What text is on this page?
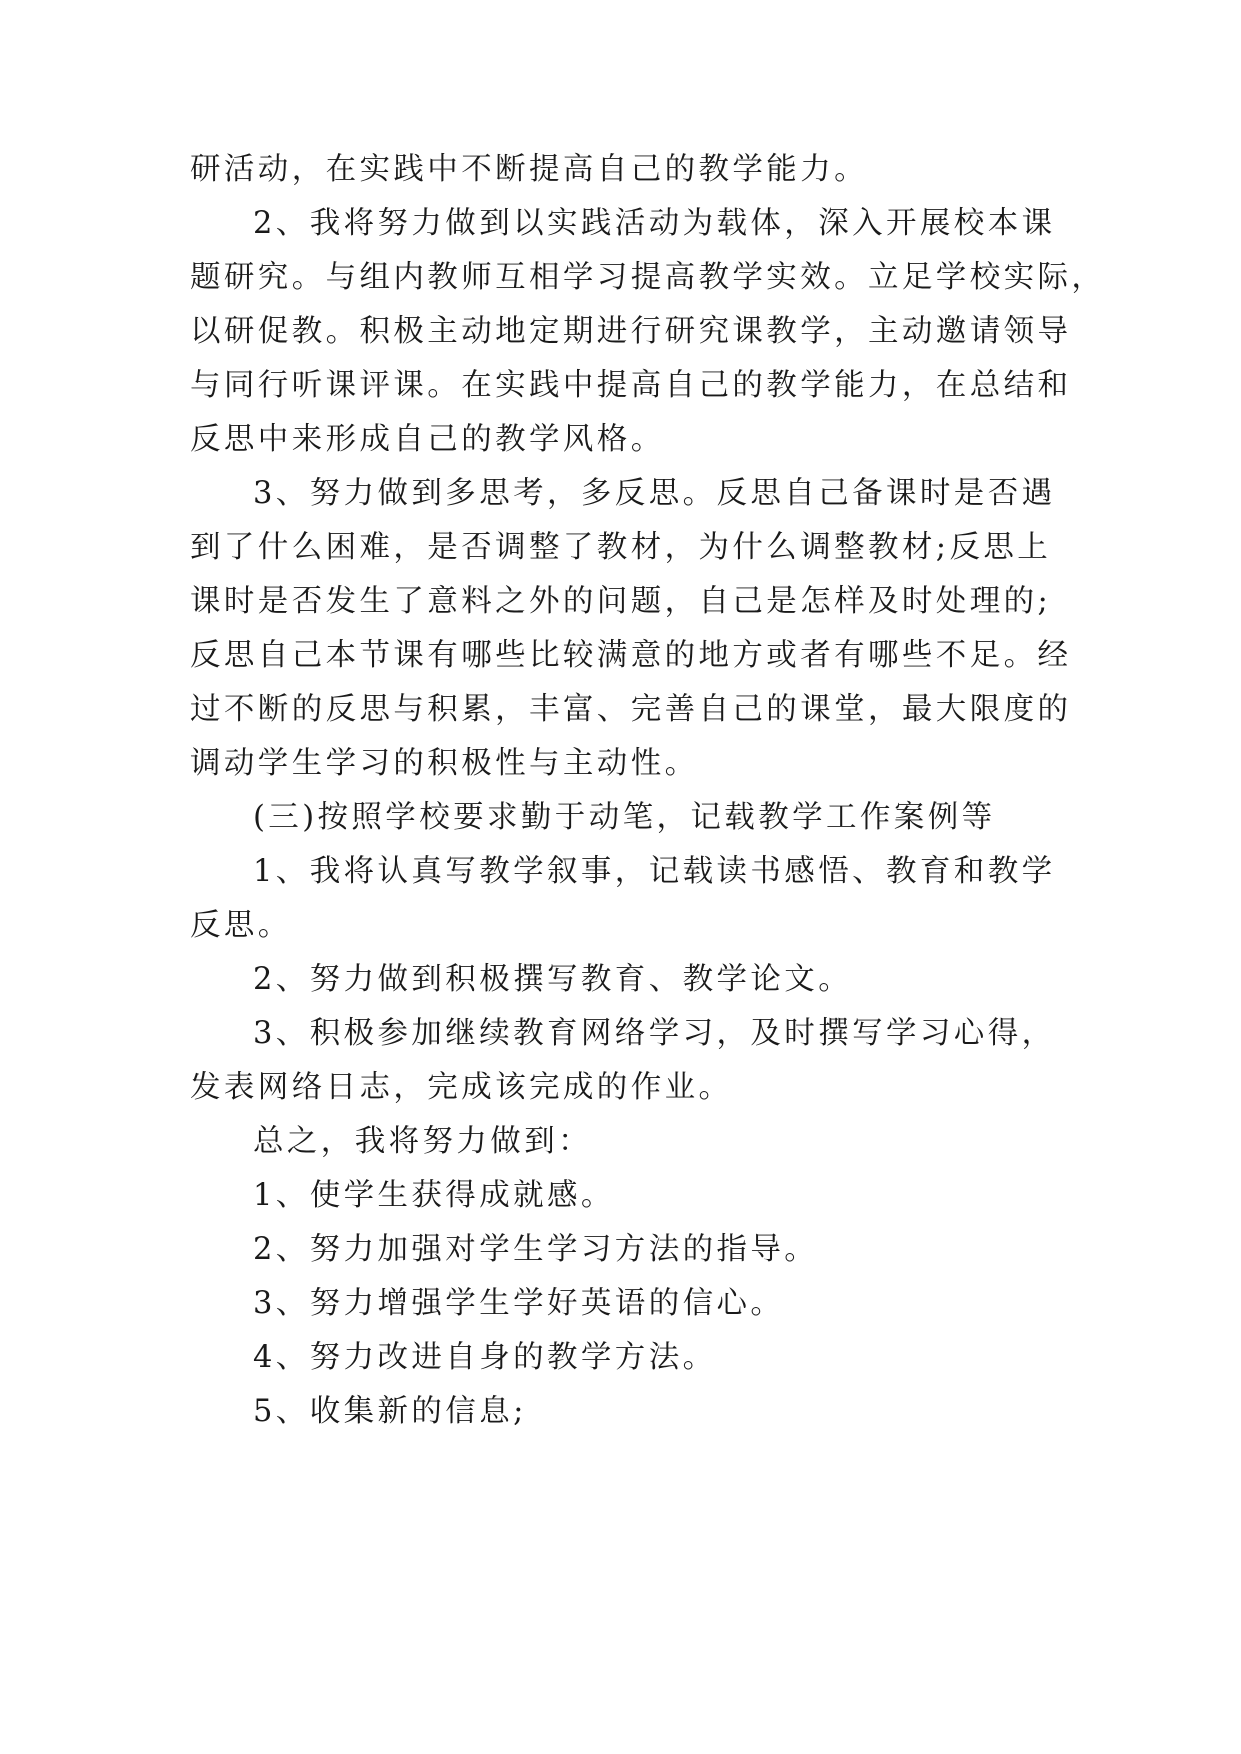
研活动，在实践中不断提高自己的教学能力。
2、我将努力做到以实践活动为载体，深入开展校本课
题研究。与组内教师互相学习提高教学实效。立足学校实际，
以研促教。积极主动地定期进行研究课教学，主动邀请领导
与同行听课评课。在实践中提高自己的教学能力，在总结和
反思中来形成自己的教学风格。
3、努力做到多思考，多反思。反思自己备课时是否遇
到了什么困难，是否调整了教材，为什么调整教材;反思上
课时是否发生了意料之外的问题，自己是怎样及时处理的;
反思自己本节课有哪些比较满意的地方或者有哪些不足。经
过不断的反思与积累，丰富、完善自己的课堂，最大限度的
调动学生学习的积极性与主动性。
(三)按照学校要求勤于动笔，记载教学工作案例等
1、我将认真写教学叙事，记载读书感悟、教育和教学
反思。
2、努力做到积极撰写教育、教学论文。
3、积极参加继续教育网络学习，及时撰写学习心得，
发表网络日志，完成该完成的作业。
总之，我将努力做到：
1、使学生获得成就感。
2、努力加强对学生学习方法的指导。
3、努力增强学生学好英语的信心。
4、努力改进自身的教学方法。
5、收集新的信息;
